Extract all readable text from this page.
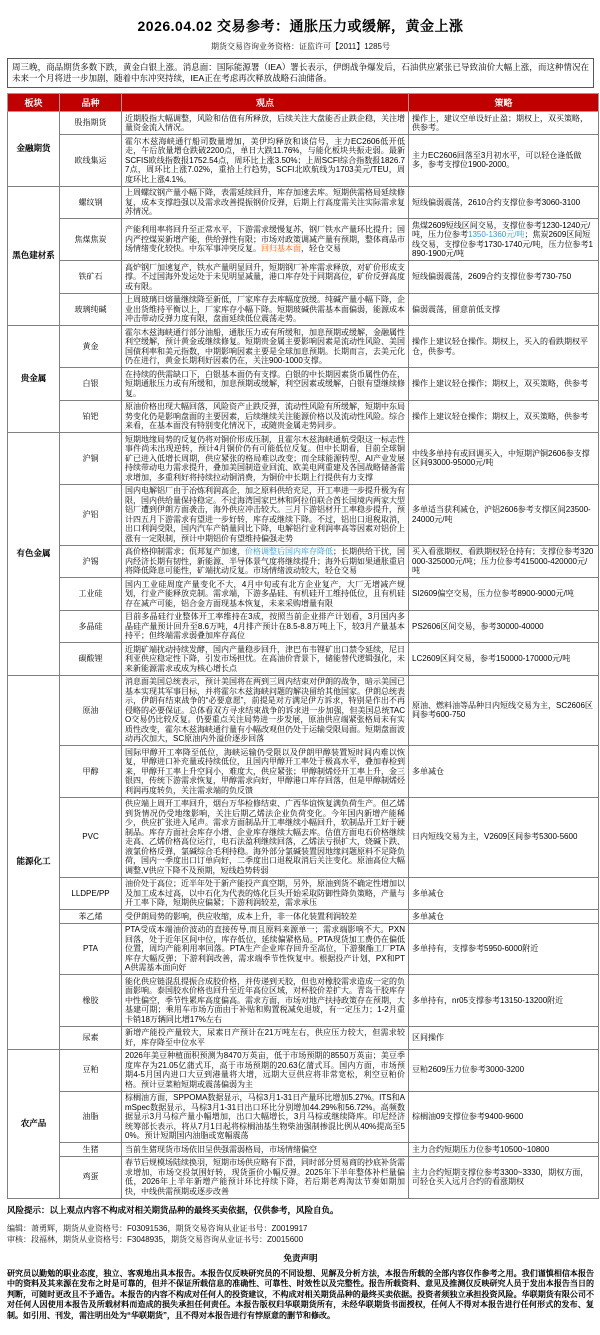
2026.04.02 交易参考：通胀压力或缓解，黄金上涨
期货交易咨询业务资格：证监许可【2011】1285号
周三晚，商品期货多数下跌，黄金白银上涨。消息面：国际能源署（IEA）署长表示，伊朗战争爆发后，石油供应紧张已导致油价大幅上涨，而这种情况在未来一个月将进一步加剧，随着中东冲突持续，IEA正在考虑再次释放战略石油储备。
板块	品种	观点	策略
金融期货	股指期货	近期股指大幅调整，风险和估值有所释放，后续关注大盘能否止跌企稳，关注增量资金流入情况。	操作上，建议空单设好止盈；期权上，双买策略，供参考。
	欧线集运	霍尔木兹海峡通行船司数量增加，美伊均释放和谈信号，主力EC2606低开低走，午后放量增仓跌破2200点，单日大跌11.76%，与能化板块共振走弱。最新SCFIS欧线指数报1752.54点，周环比上涨3.50%；上周SCFI综合指数报1826.77点，周环比上涨7.02%，重拾上行趋势，SCFI北欧航线为1703美元/TEU，周度环比上涨4.1%。	主力EC2606回落至3月初水平，可以轻仓逢低做多，参考支撑位1900-2000。
黑色建材系	螺纹钢	上周螺纹钢产量小幅下降，表需延续回升，库存加速去库。短期供需格局延续修复，成本支撑趋强以及需求改善提振钢价反弹，后期上行高度需关注实际需求复苏情况。	短线偏弱震荡，2610合约支撑位参考3060-3100
	焦煤焦炭	产能利用率将回升至正常水平，下游需求缓慢复苏，钢厂铁水产量环比提升；国内严控煤炭新增产能，供给弹性有限；市场对政策调减产量有预期，整体商品市场情绪变化较快。中东军事冲突反复。回归基本面，轻仓交易	焦煤2609短线区间交易，支撑位参考1230-1240元/吨，压力位参考1350-1360元/吨；焦炭2609区间短线交易，支撑位参考1730-1740元/吨，压力位参考1890-1900元/吨
	铁矿石	高炉钢厂加速复产，铁水产量明显回升，短期钢厂补库需求释放，对矿价形成支撑。不过国海外发运处于未见明显减量，港口库存处于同期高位，矿价反弹高度或有限。	短线偏弱震荡，2609合约支撑位参考730-750
	玻璃纯碱	上周玻璃日熔量继续降至新低，厂家库存去库幅度放缓。纯碱产量小幅下降，企业出货维持平衡以上，厂家库存小幅下降。短期玻碱供需基本面偏弱，能源成本冲击带动反弹力度有限，盘面延续低位震荡走势。	偏弱震荡，留意前低支撑
贵金属	黄金	霍尔木兹海峡通行部分油船，通胀压力或有所缓和，加息预期或缓解，金融属性利空缓解，预计黄金或继续修复。短期贵金属主要影响因素是流动性风险、美国国债利率和美元指数，中期影响因素主要是全球加息预期。长期而言，去美元化仍在进行，黄金长期利好因素仍在，关注900-1000支撑。	操作上建议轻仓操作。期权上，买入的看跌期权平仓，供参考。
	白银	在持续的供需缺口下，白银基本面仍有支撑。白银的中长期因素货币属性仍在，短期通胀压力或有所缓和，加息预期或缓解，利空因素或缓解，白银有望继续修复。	操作上建议轻仓操作；期权上，双买策略，供参考
	铂钯	原油价格出现大幅回落，风险资产止跌反弹，流动性风险有所缓解，短期中东局势变化仍是影响盘面的主要因素，后续继续关注能源价格以及流动性风险。综合来看，在基本面没有特别变化情况下，或随贵金属走势同步。	操作上建议轻仓操作；期权上，双买策略，供参考
有色金属	沪铜	短期地缘局势的反复仍将对铜价形成压制，且霍尔木兹海峡通航受限这一标志性事件尚未出现逆转，预计4月铜价仍有可能低位反复。但中长期看，目前全球铜矿已进入低增长周期，供应紧张的格局难以改变；而全球能源转型、AI产业发展持续带动电力需求提升，叠加美国制造业回流、欧美电网重建及各国战略储备需求增加，多重利好将持续拉动铜消费，为铜价中长期上行提供有力支撑	中线多单持有或回调买入，中短期沪铜2606参支撑区间93000-95000元/吨
	沪铝	国内电解铝厂由于冶炼利润高企，加之原料供给充足，开工率进一步提升极为有限，国内供给量保持稳定。不过海湾国家巴林和阿拉伯联合酋长国境内两家大型铝厂遭到伊朗方面袭击，海外供应冲击较大。三月下游铝材开工率稳步提升，预计四五月下游需求有望进一步好转，库存或继续下降。不过，铝出口退税取消，出口利润受限，国内汽车产销量同比下降，电解铝行业利润率高等因素对铝价上涨有一定限制，预计中期铝价有望维持偏强走势	多单适当获利减仓，沪铝2606参考支撑区间23500-24000元/吨
	沪锡	高价格抑制需求；佤邦复产加速，价格调整后国内库存降低；长期供给干扰，国内经济长期有韧性，新能源、半导体景气度将继续提升；海外后期如果通胀重启将降低降息可能性，矿端扰动反复。市场情绪波动较大，轻仓交易	买入看涨期权、看跌期权轻仓持有；支撑位参考320000-325000元/吨；压力位参考415000-420000元/吨
	工业硅	国内工业硅周度产量变化不大，4月中旬或有北方企业复产，大厂无增减产规划，行业产能释放克制。需求端，下游多晶硅、有机硅开工维持低位，且有机硅存在减产可能，铝合金方面现基本恢复，未来采购增量有限	SI2609偏空交易，压力位参考8900-9000元/吨
	多晶硅	目前多晶硅行业整体开工率维持在3成，按照当前企业排产计划看，3月国内多晶硅产量预计回升至8.6万吨，4月排产预计在8.5-8.8万吨上下，较3月产量基本持平；但终端需求弱叠加库存高位	PS2606区间交易，参考30000-40000
	碳酸锂	近期矿端扰动持续发酵，国内产量稳步回升，津巴布韦锂矿出口禁令延续，尼日利亚供应稳定性下降，引发市场担忧。在高油价背景下，储能替代逻辑强化，未来新能源需求或成为核心增长点	LC2609区间交易，参考150000-170000元/吨
能源化工	原油	消息面美国总统表示，预计美国将在两到三周内结束对伊朗的战争，暗示美国已基本实现其军事目标，并将霍尔木兹海峡问题的解决留给其他国家。伊朗总统表示，伊朗有结束战争的“必要意愿”，前提是对方满足伊方诉求，特别是作出不再侵略的必要保证。总体看双方寻求结束战争的诉求进一步加强，但美国总统TACO交易仍比较反复。仍要重点关注局势进一步发展，原油供应端紧张格局未有实质性改变，霍尔木兹海峡通行量有小幅改观但仍处于运输受限局面。短期盘面波动再次加大，SC原油内外溢价逐步回落	原油、燃料油等品种日内短线交易为主，SC2606区间参考600-750
	甲醇	国际甲醇开工率降至低位，海峡运输仍受限以及伊朗甲醇装置短时间内难以恢复，甲醇进口补充量或持续低位，且国内甲醇开工率处于极高水平，叠加春检到来，甲醇开工率上升空间小，难度大，供应紧张；甲醇制烯烃开工率上升，金三银四，传统下游需求恢复，甲醇需求向好，甲醇港口库存回落，但是甲醇制烯烃利润再度转负，关注需求端的负反馈	多单减仓
	PVC	供应端上周开工率回升，烟台万华检修结束、广西华谊恢复满负荷生产。但乙烯到货情况仍受地缘影响，关注后期乙烯法企业负荷变化。今年国内新增产能稀少，供应扩张进入尾声。需求方面制品开工率继续小幅回升，软制品开工好于硬制品。库存方面社会库存小增、企业库存继续大幅去库。估值方面电石价格继续走高、乙烯价格高位运行，电石法盈利继续回落，乙烯法亏损扩大，烧碱下跌、液氯价格反弹，氯碱综合毛利持稳。海外部分氯碱装置因地缘问题原料不足降负荷，国内一季度出口订单向好，二季度出口退税取消后关注变化。原油高位大幅调整,V供应下降不及预期，短线趋势转弱	日内短线交易为主，V2609区间参考5300-5600
	LLDPE/PP	油价处于高位；近半年处于新产能投产真空期，另外，原油到货不确定性增加以及加工成本过高，以中石化为代表的炼化巨头开始采取防御性降负策略，产量与开工率下降，短期供应偏紧；下游利润较差，需求承压	多单减仓
	苯乙烯	受伊朗局势的影响，供应收缩，成本上升，非一体化装置利润较差	多单减仓
	PTA	PTA受成本端油价波动的直接传导,而且原料来源单一；需求端影响不大。PXN回落，处于近年区间中位，库存低位，延续偏紧格局。PTA现货加工费仍在偏低位置，周均产能利用率回落。PTA生产企业库存回升至高位，下游聚酯工厂PTA库存大幅反弹；下游利润改善，需求端季节性恢复中。根据投产计划，PX和PTA供需基本面向好	多单持有，支撑参考5950-6000附近
	橡胶	能化供应链混乱提振合成胶价格，并传递到天胶，但也对橡胶需求造成一定的负面影响。泰国胶水价格也回升至近年高位区域，对杯胶价差扩大。青岛干胶库存中性偏空，季节性累库高度偏高。需求方面，市场对地产扶持政策存在预期，大基建可期；乘用车市场方面由于补贴和购置税减免退坡，有一定压力；1-2月重卡销18万辆同比增17%左右	多单持有，nr05支撑参考13150-13200附近
	尿素	新增产能投产量较大，尿素日产预计在21万吨左右，供应压力较大，但需求较好，库存降至中位水平	区间操作
农产品	豆粕	2026年美豆种植面积预测为8470万英亩，低于市场预期的8550万英亩；美豆季度库存为21.05亿蒲式耳，高于市场预期的20.63亿蒲式耳。国内方面，市场预期4-5月国内进口大豆到港量将大增，远期大豆供应将非常宽松，利空豆粕价格。预计豆菜粕短期或震荡偏弱为主	豆粕2609压力位参考3000-3200
	油脂	棕榈油方面，SPPOMA数据显示，马棕3月1-31日产量环比增加5.27%。ITS和AmSpec数据显示，马棕3月1-31日出口环比分别增加44.29%和56.72%。高频数据显示3月马棕产量小幅增加，出口大幅增长，3月马棕或继续降库。印尼经济统筹部长表示，将从7月1日起将棕榈油基生物柴油强制掺混比例从40%提高至50%。预计短期国内油脂或宽幅震荡	棕榈油09支撑位参考9400-9600
	生猪	当前生猪现货市场依旧呈供强需弱格局，市场情绪偏空	主力合约短期压力位参考10500~10800
	鸡蛋	春节后规模场陆续换羽，短期市场供应略有下滑，同时部分贸易商的抄底补货需求增加，市场交投氛围好转，现货蛋价小幅反弹。2025年下半年整体补栏量偏低，2026年上半年新增产能预计环比持续下降，若后期老鸡淘汰节奏如期加快，中线供需预期或逐步改善	主力合约短期支撑位参考3300~3330，期权方面，可轻仓买入远月合约的看涨期权
风险提示：以上观点内容不构成对相关期货品种的最终买卖依据，仅供参考，风险自负。
编辑：萧勇辉，期货从业资格号：F03091536，期货交易咨询从业证书号：Z0019917
审核：段福林，期货从业资格号：F3048935，期货交易咨询从业证书号：Z0015600
免责声明
研究员以勤勉的职业态度，独立、客观地出具本报告。本报告仅反映研究员的不同设想、见解及分析方法，本报告所载的全部内容仅作参考之用。我们谨慎相信本报告中的资料及其来源在发布之时是可靠的，但并不保证所载信息的准确性、可靠性、时效性以及完整性。报告所载资料、意见及推测仅反映研究人员于发出本报告当日的判断，可随时更改且不予通告。本报告的内容不构成对任何人的投资建议，不构成对相关期货品种的最终买卖依据。投资者须独立承担投资风险。华联期货有限公司不对任何人因使用本报告及所载材料而造成的损失承担任何责任。本报告版权归华联期货所有，未经华联期货书面授权，任何人不得对本报告进行任何形式的发布、复制。如引用、刊发，需注明出处为“华联期货”，且不得对本报告进行有悖原意的删节和修改。
